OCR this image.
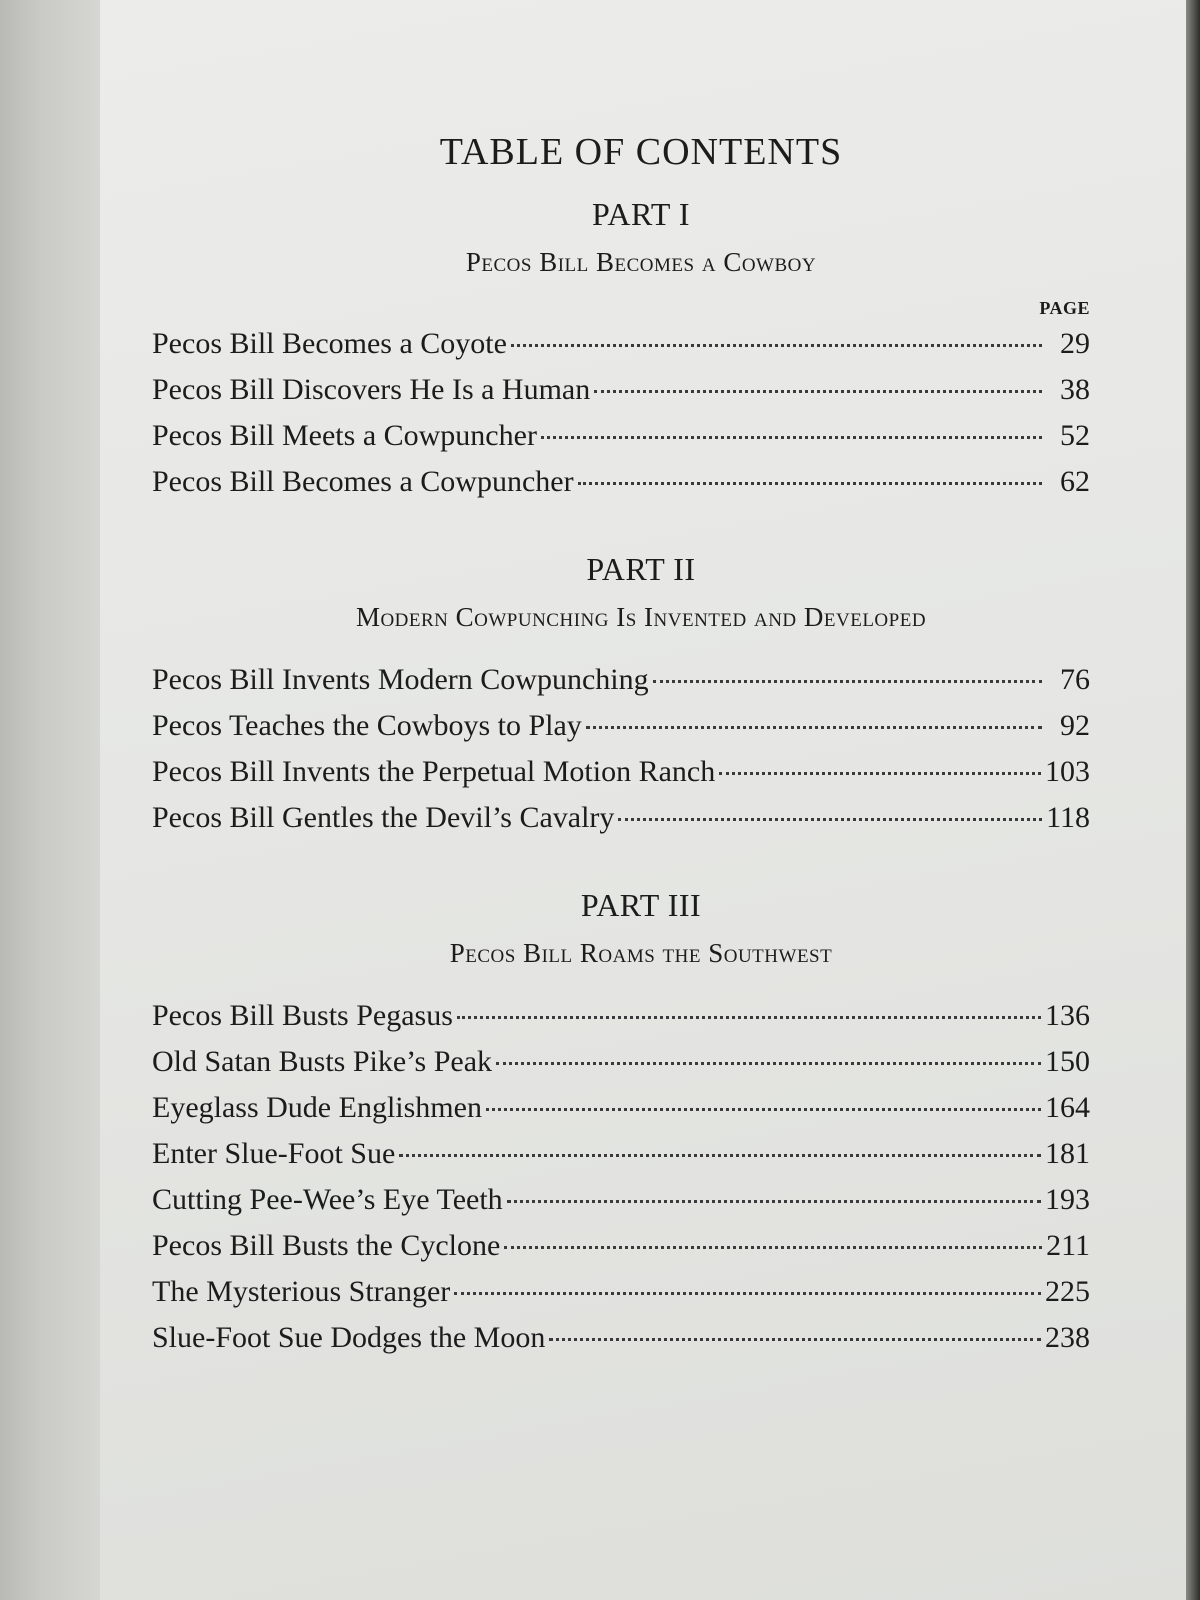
TABLE OF CONTENTS
PART I
Pecos Bill Becomes a Cowboy
PAGE
Pecos Bill Becomes a Coyote	29
Pecos Bill Discovers He Is a Human	38
Pecos Bill Meets a Cowpuncher	52
Pecos Bill Becomes a Cowpuncher	62
PART II
Modern Cowpunching Is Invented and Developed
Pecos Bill Invents Modern Cowpunching	76
Pecos Teaches the Cowboys to Play	92
Pecos Bill Invents the Perpetual Motion Ranch	103
Pecos Bill Gentles the Devil’s Cavalry	118
PART III
Pecos Bill Roams the Southwest
Pecos Bill Busts Pegasus	136
Old Satan Busts Pike’s Peak	150
Eyeglass Dude Englishmen	164
Enter Slue-Foot Sue	181
Cutting Pee-Wee’s Eye Teeth	193
Pecos Bill Busts the Cyclone	211
The Mysterious Stranger	225
Slue-Foot Sue Dodges the Moon	238
